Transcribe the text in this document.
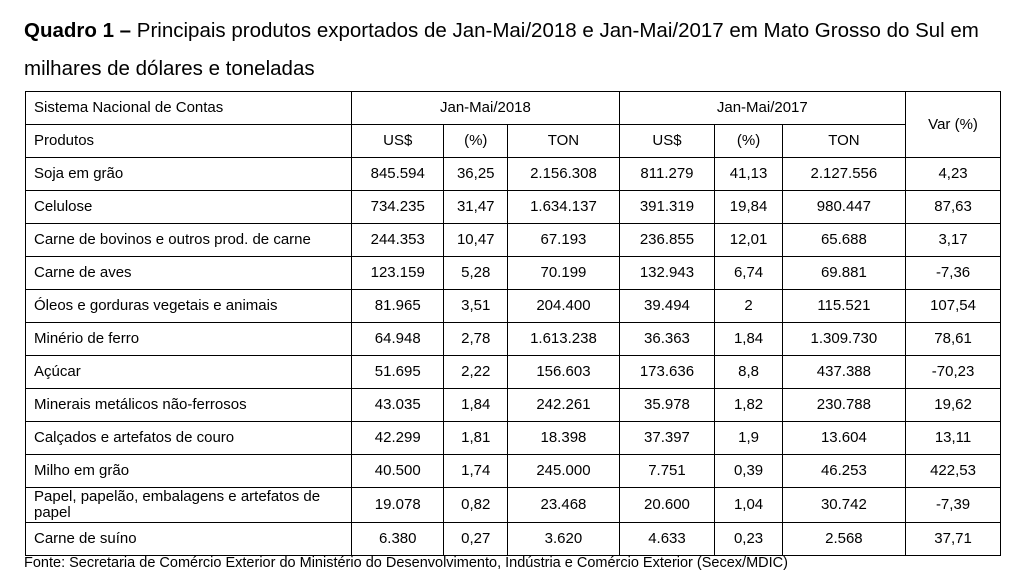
Quadro 1 – Principais produtos exportados de Jan-Mai/2018 e Jan-Mai/2017 em Mato Grosso do Sul em milhares de dólares e toneladas
Sistema Nacional de Contas	Jan-Mai/2018			Jan-Mai/2017			Var (%)
Produtos	US$	(%)	TON	US$	(%)	TON	
Soja em grão	845.594	36,25	2.156.308	811.279	41,13	2.127.556	4,23
Celulose	734.235	31,47	1.634.137	391.319	19,84	980.447	87,63
Carne de bovinos e outros prod. de carne	244.353	10,47	67.193	236.855	12,01	65.688	3,17
Carne de aves	123.159	5,28	70.199	132.943	6,74	69.881	-7,36
Óleos e gorduras vegetais e animais	81.965	3,51	204.400	39.494	2	115.521	107,54
Minério de ferro	64.948	2,78	1.613.238	36.363	1,84	1.309.730	78,61
Açúcar	51.695	2,22	156.603	173.636	8,8	437.388	-70,23
Minerais metálicos não-ferrosos	43.035	1,84	242.261	35.978	1,82	230.788	19,62
Calçados e artefatos de couro	42.299	1,81	18.398	37.397	1,9	13.604	13,11
Milho em grão	40.500	1,74	245.000	7.751	0,39	46.253	422,53
Papel, papelão, embalagens e artefatos de papel	19.078	0,82	23.468	20.600	1,04	30.742	-7,39
Carne de suíno	6.380	0,27	3.620	4.633	0,23	2.568	37,71
Fonte: Secretaria de Comércio Exterior do Ministério do Desenvolvimento, Indústria e Comércio Exterior (Secex/MDIC)
